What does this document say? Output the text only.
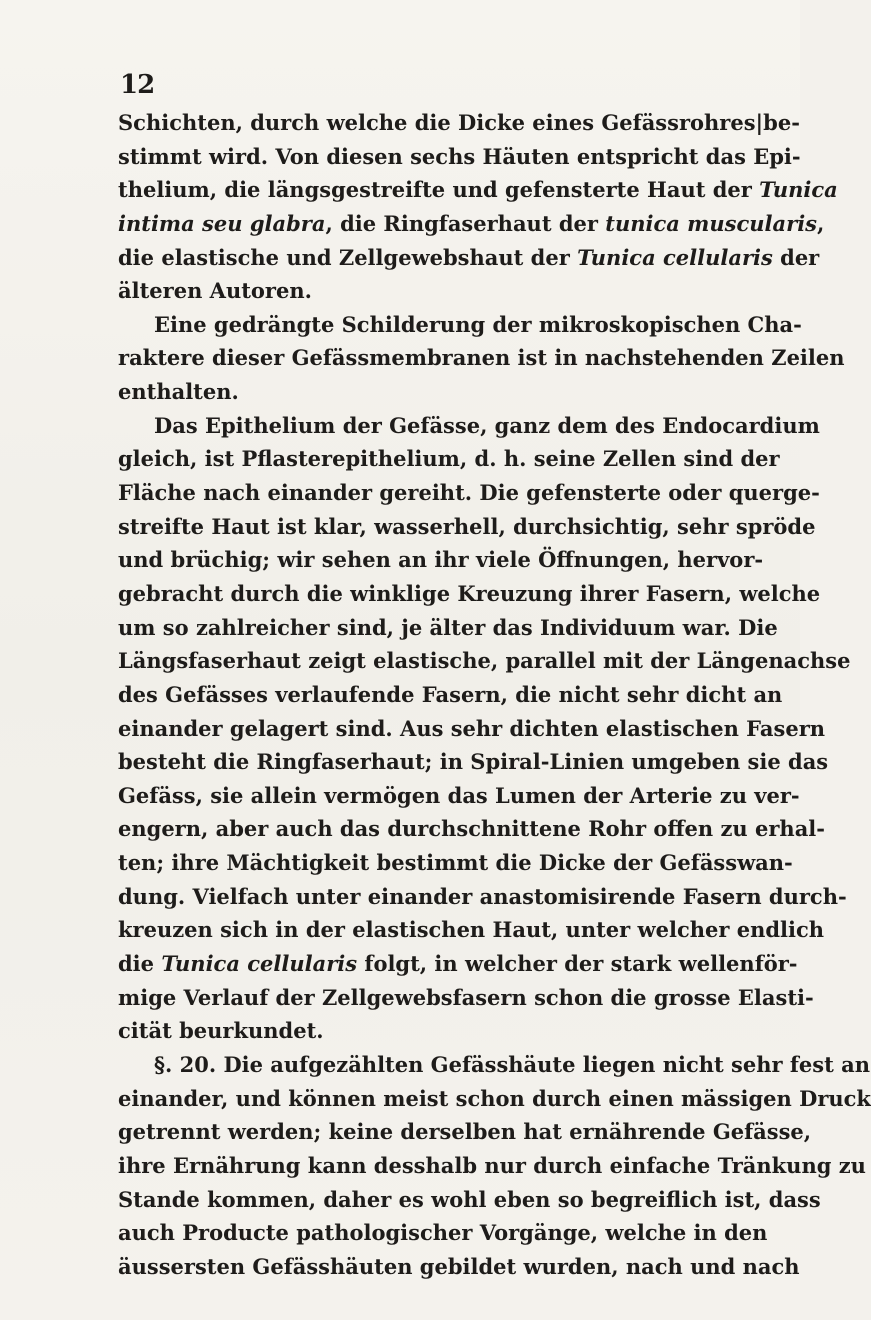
12
Schichten, durch welche die Dicke eines Gefässrohres|be-
stimmt wird. Von diesen sechs Häuten entspricht das Epi-
thelium, die längsgestreifte und gefensterte Haut der Tunica
intima seu glabra, die Ringfaserhaut der tunica muscularis,
die elastische und Zellgewebshaut der Tunica cellularis der
älteren Autoren.
Eine gedrängte Schilderung der mikroskopischen Cha-
raktere dieser Gefässmembranen ist in nachstehenden Zeilen
enthalten.
Das Epithelium der Gefässe, ganz dem des Endocardium
gleich, ist Pflasterepithelium, d. h. seine Zellen sind der
Fläche nach einander gereiht. Die gefensterte oder querge-
streifte Haut ist klar, wasserhell, durchsichtig, sehr spröde
und brüchig; wir sehen an ihr viele Öffnungen, hervor-
gebracht durch die winklige Kreuzung ihrer Fasern, welche
um so zahlreicher sind, je älter das Individuum war. Die
Längsfaserhaut zeigt elastische, parallel mit der Längenachse
des Gefässes verlaufende Fasern, die nicht sehr dicht an
einander gelagert sind. Aus sehr dichten elastischen Fasern
besteht die Ringfaserhaut; in Spiral-Linien umgeben sie das
Gefäss, sie allein vermögen das Lumen der Arterie zu ver-
engern, aber auch das durchschnittene Rohr offen zu erhal-
ten; ihre Mächtigkeit bestimmt die Dicke der Gefässwan-
dung. Vielfach unter einander anastomisirende Fasern durch-
kreuzen sich in der elastischen Haut, unter welcher endlich
die Tunica cellularis folgt, in welcher der stark wellenför-
mige Verlauf der Zellgewebsfasern schon die grosse Elasti-
cität beurkundet.
§. 20. Die aufgezählten Gefässhäute liegen nicht sehr fest an
einander, und können meist schon durch einen mässigen Druck
getrennt werden; keine derselben hat ernährende Gefässe,
ihre Ernährung kann desshalb nur durch einfache Tränkung zu
Stande kommen, daher es wohl eben so begreiflich ist, dass
auch Producte pathologischer Vorgänge, welche in den
äussersten Gefässhäuten gebildet wurden, nach und nach
